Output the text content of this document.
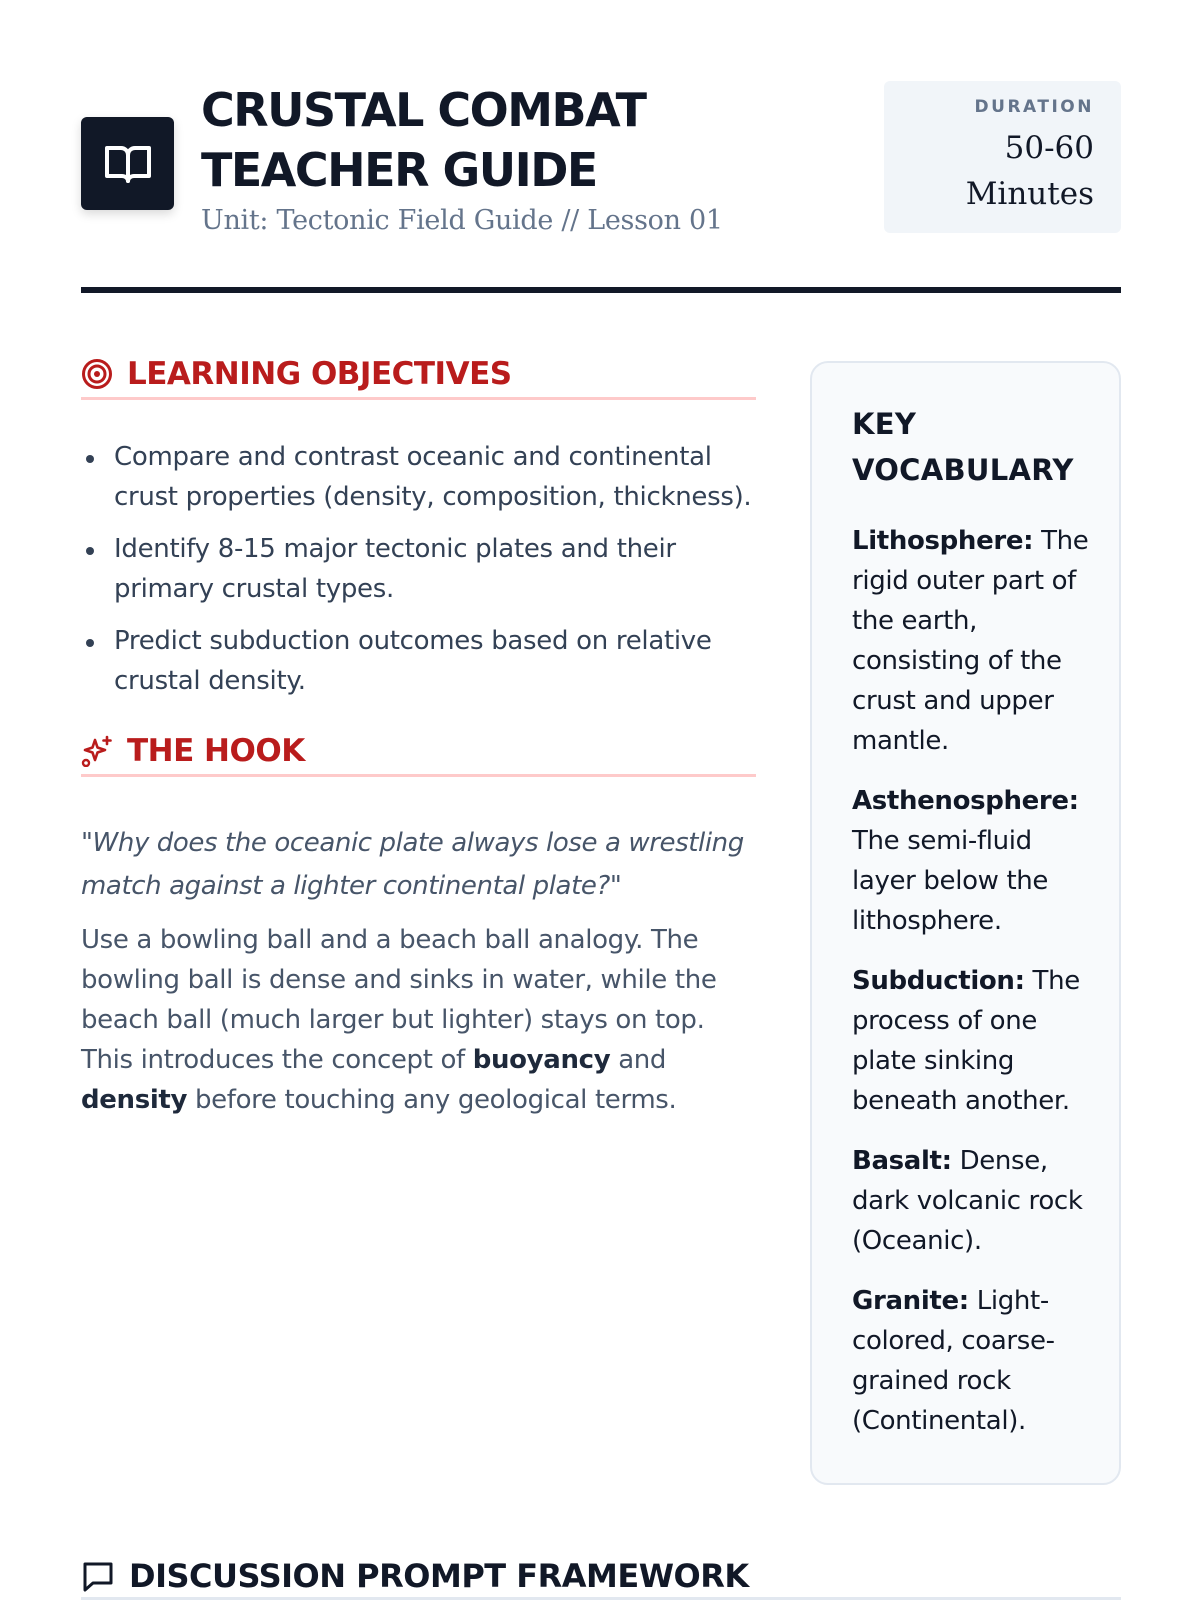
CRUSTAL COMBAT TEACHER GUIDE
Unit: Tectonic Field Guide // Lesson 01
DURATION
50-60 Minutes
LEARNING OBJECTIVES
Compare and contrast oceanic and continental crust properties (density, composition, thickness).
Identify 8-15 major tectonic plates and their primary crustal types.
Predict subduction outcomes based on relative crustal density.
THE HOOK

"Why does the oceanic plate always lose a wrestling match against a lighter continental plate?"

Use a bowling ball and a beach ball analogy. The bowling ball is dense and sinks in water, while the beach ball (much larger but lighter) stays on top. This introduces the concept of buoyancy and density before touching any geological terms.

KEY VOCABULARY

Lithosphere: The rigid outer part of the earth, consisting of the crust and upper mantle.

Asthenosphere: The semi-fluid layer below the lithosphere.

Subduction: The process of one plate sinking beneath another.

Basalt: Dense, dark volcanic rock (Oceanic).

Granite: Light-colored, coarse-grained rock (Continental).

DISCUSSION PROMPT FRAMEWORK
